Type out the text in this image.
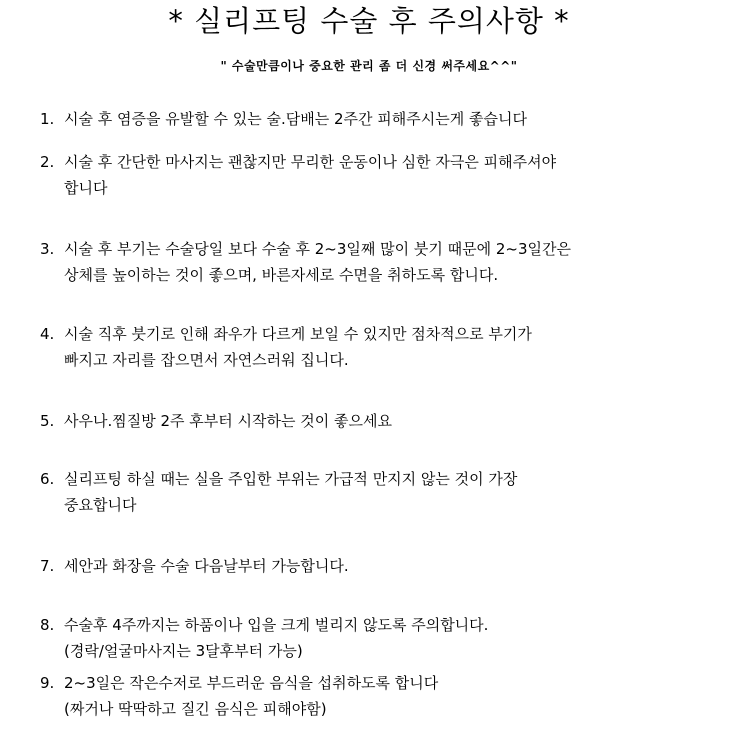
* 실리프팅 수술 후 주의사항 *
" 수술만큼이나 중요한 관리 좀 더 신경 써주세요^^"
1. 시술 후 염증을 유발할 수 있는 술.담배는 2주간 피해주시는게 좋습니다
2. 시술 후 간단한 마사지는 괜찮지만 무리한 운동이나 심한 자극은 피해주셔야
합니다
3. 시술 후 부기는 수술당일 보다 수술 후 2~3일째 많이 붓기 때문에 2~3일간은
상체를 높이하는 것이 좋으며, 바른자세로 수면을 취하도록 합니다.
4. 시술 직후 붓기로 인해 좌우가 다르게 보일 수 있지만 점차적으로 부기가
빠지고 자리를 잡으면서 자연스러워 집니다.
5. 사우나.찜질방 2주 후부터 시작하는 것이 좋으세요
6. 실리프팅 하실 때는 실을 주입한 부위는 가급적 만지지 않는 것이 가장
중요합니다
7. 세안과 화장을 수술 다음날부터 가능합니다.
8. 수술후 4주까지는 하품이나 입을 크게 벌리지 않도록 주의합니다.
(경락/얼굴마사지는 3달후부터 가능)
9. 2~3일은 작은수저로 부드러운 음식을 섭취하도록 합니다
(짜거나 딱딱하고 질긴 음식은 피해야함)
